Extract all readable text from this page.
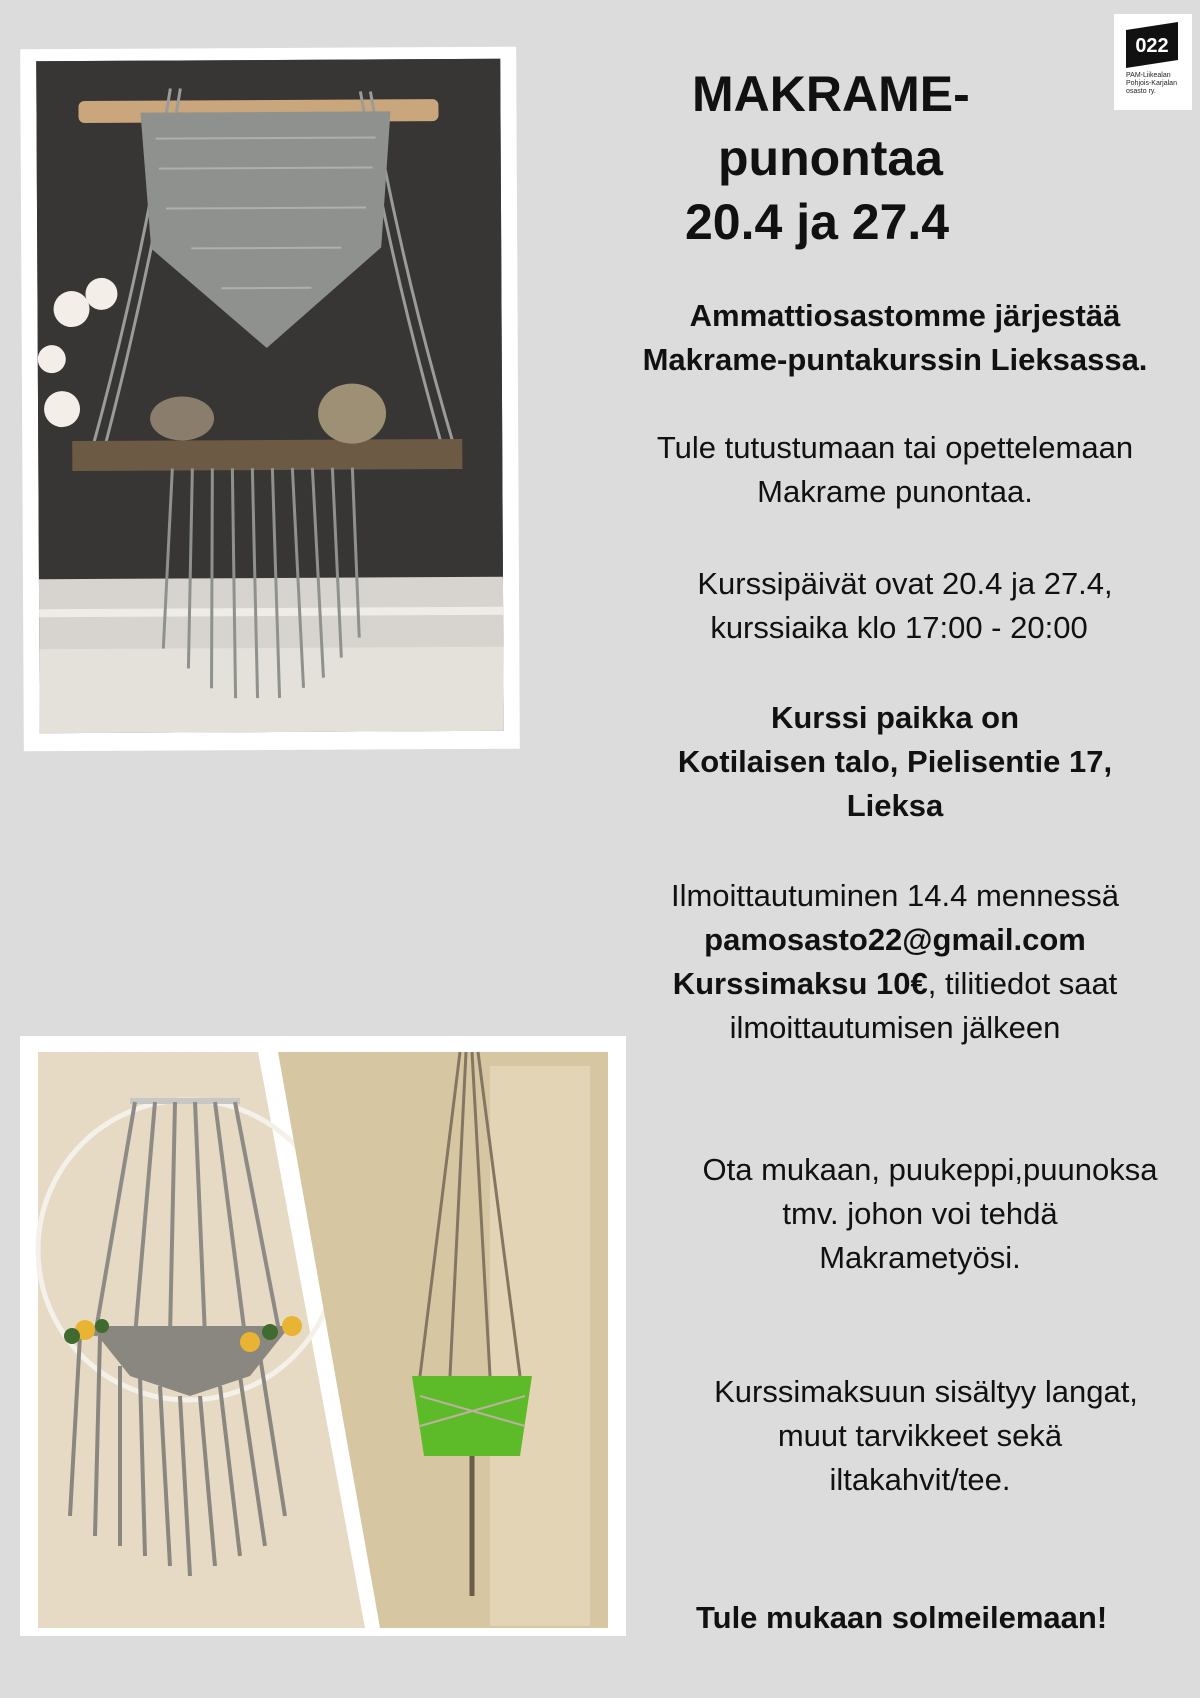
022
PAM-Liikealan
Pohjois-Karjalan
osasto ry.
MAKRAME-
punontaa
20.4 ja 27.4
Ammattiosastomme järjestää
Makrame-puntakurssin Lieksassa.
Tule tutustumaan tai opettelemaan
Makrame punontaa.
Kurssipäivät ovat 20.4 ja 27.4,
kurssiaika klo 17:00 - 20:00
Kurssi paikka on
Kotilaisen talo, Pielisentie 17,
Lieksa
Ilmoittautuminen 14.4 mennessä
pamosasto22@gmail.com
Kurssimaksu 10€, tilitiedot saat
ilmoittautumisen jälkeen
Ota mukaan, puukeppi,puunoksa
tmv. johon voi tehdä
Makrametyösi.
Kurssimaksuun sisältyy langat,
muut tarvikkeet sekä
iltakahvit/tee.
Tule mukaan solmeilemaan!
